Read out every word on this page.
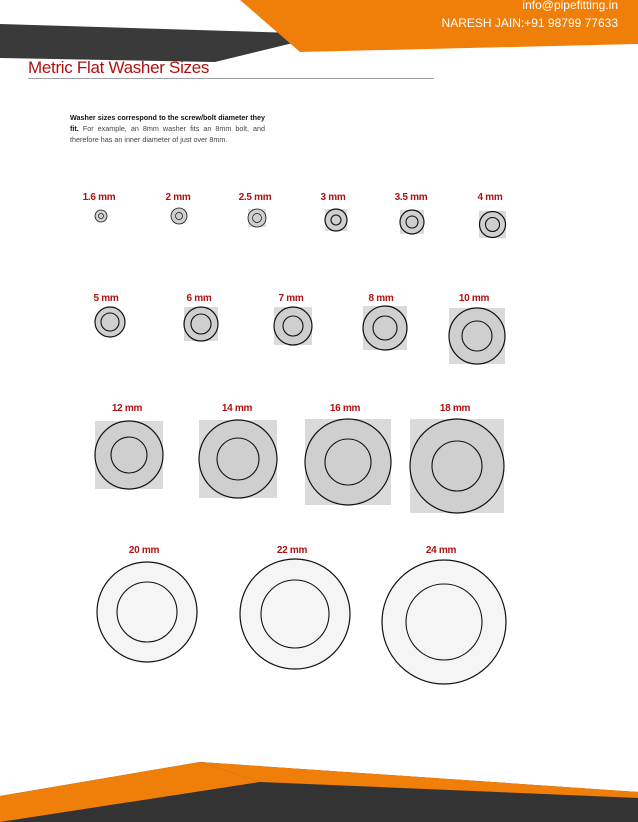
info@pipefitting.in
NARESH JAIN:+91 98799 77633
Metric Flat Washer Sizes
Washer sizes correspond to the screw/bolt diameter they fit. For example, an 8mm washer fits an 8mm bolt, and therefore has an inner diameter of just over 8mm.
1.6 mm	2 mm	2.5 mm	3 mm	3.5 mm	4 mm
5 mm	6 mm	7 mm	8 mm	10 mm
12 mm	14 mm	16 mm	18 mm
20 mm	22 mm	24 mm
